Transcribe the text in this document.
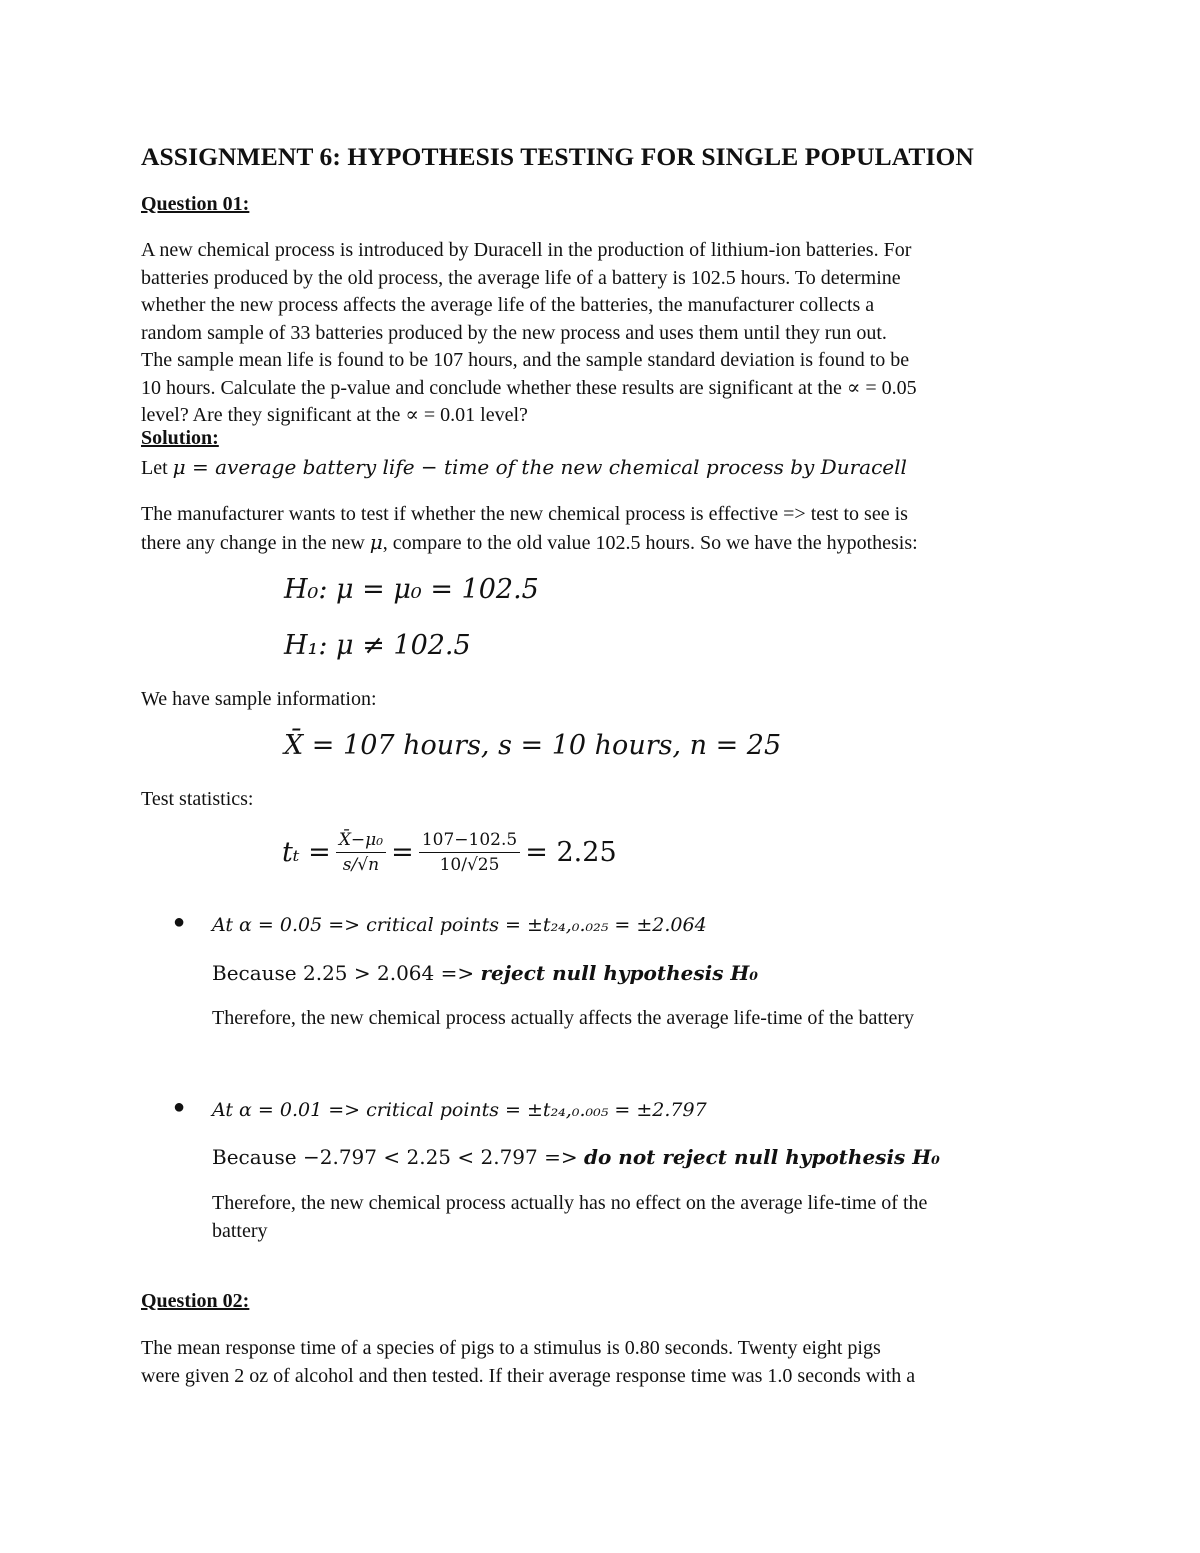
ASSIGNMENT 6: HYPOTHESIS TESTING FOR SINGLE POPULATION
Question 01:
A new chemical process is introduced by Duracell in the production of lithium-ion batteries. For
batteries produced by the old process, the average life of a battery is 102.5 hours. To determine
whether the new process affects the average life of the batteries, the manufacturer collects a
random sample of 33 batteries produced by the new process and uses them until they run out.
The sample mean life is found to be 107 hours, and the sample standard deviation is found to be
10 hours. Calculate the p-value and conclude whether these results are significant at the ∝ = 0.05
level? Are they significant at the ∝ = 0.01 level?
Solution:
Let μ = average battery life − time of the new chemical process by Duracell
The manufacturer wants to test if whether the new chemical process is effective => test to see is
there any change in the new μ, compare to the old value 102.5 hours. So we have the hypothesis:
H₀: μ = μ₀ = 102.5
H₁: μ ≠ 102.5
We have sample information:
X̄ = 107 hours, s = 10 hours, n = 25
Test statistics:
$t_t = \frac{\text{X̄−μ₀}}{s/√n} = \frac{107-102.5}{10/√25} = 2.25$
● At α = 0.05 => critical points = ±t₂₄,₀.₀₂₅ = ±2.064
Because 2.25 > 2.064 => reject null hypothesis H₀
Therefore, the new chemical process actually affects the average life-time of the battery
● At α = 0.01 => critical points = ±t₂₄,₀.₀₀₅ = ±2.797
Because −2.797 < 2.25 < 2.797 => do not reject null hypothesis H₀
Therefore, the new chemical process actually has no effect on the average life-time of the
battery
Question 02:
The mean response time of a species of pigs to a stimulus is 0.80 seconds. Twenty eight pigs
were given 2 oz of alcohol and then tested. If their average response time was 1.0 seconds with a
